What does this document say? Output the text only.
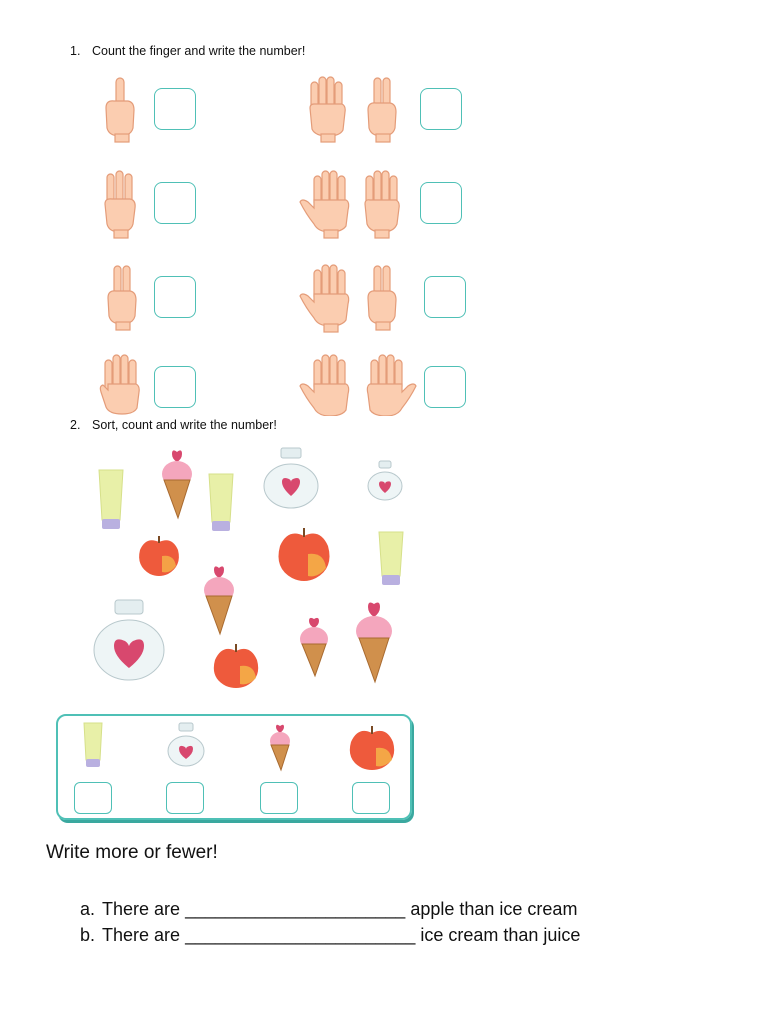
1. Count the finger and write the number!
2. Sort, count and write the number!
Write more or fewer!

a. There are ______________________ apple than ice cream

b. There are _______________________ ice cream than juice
